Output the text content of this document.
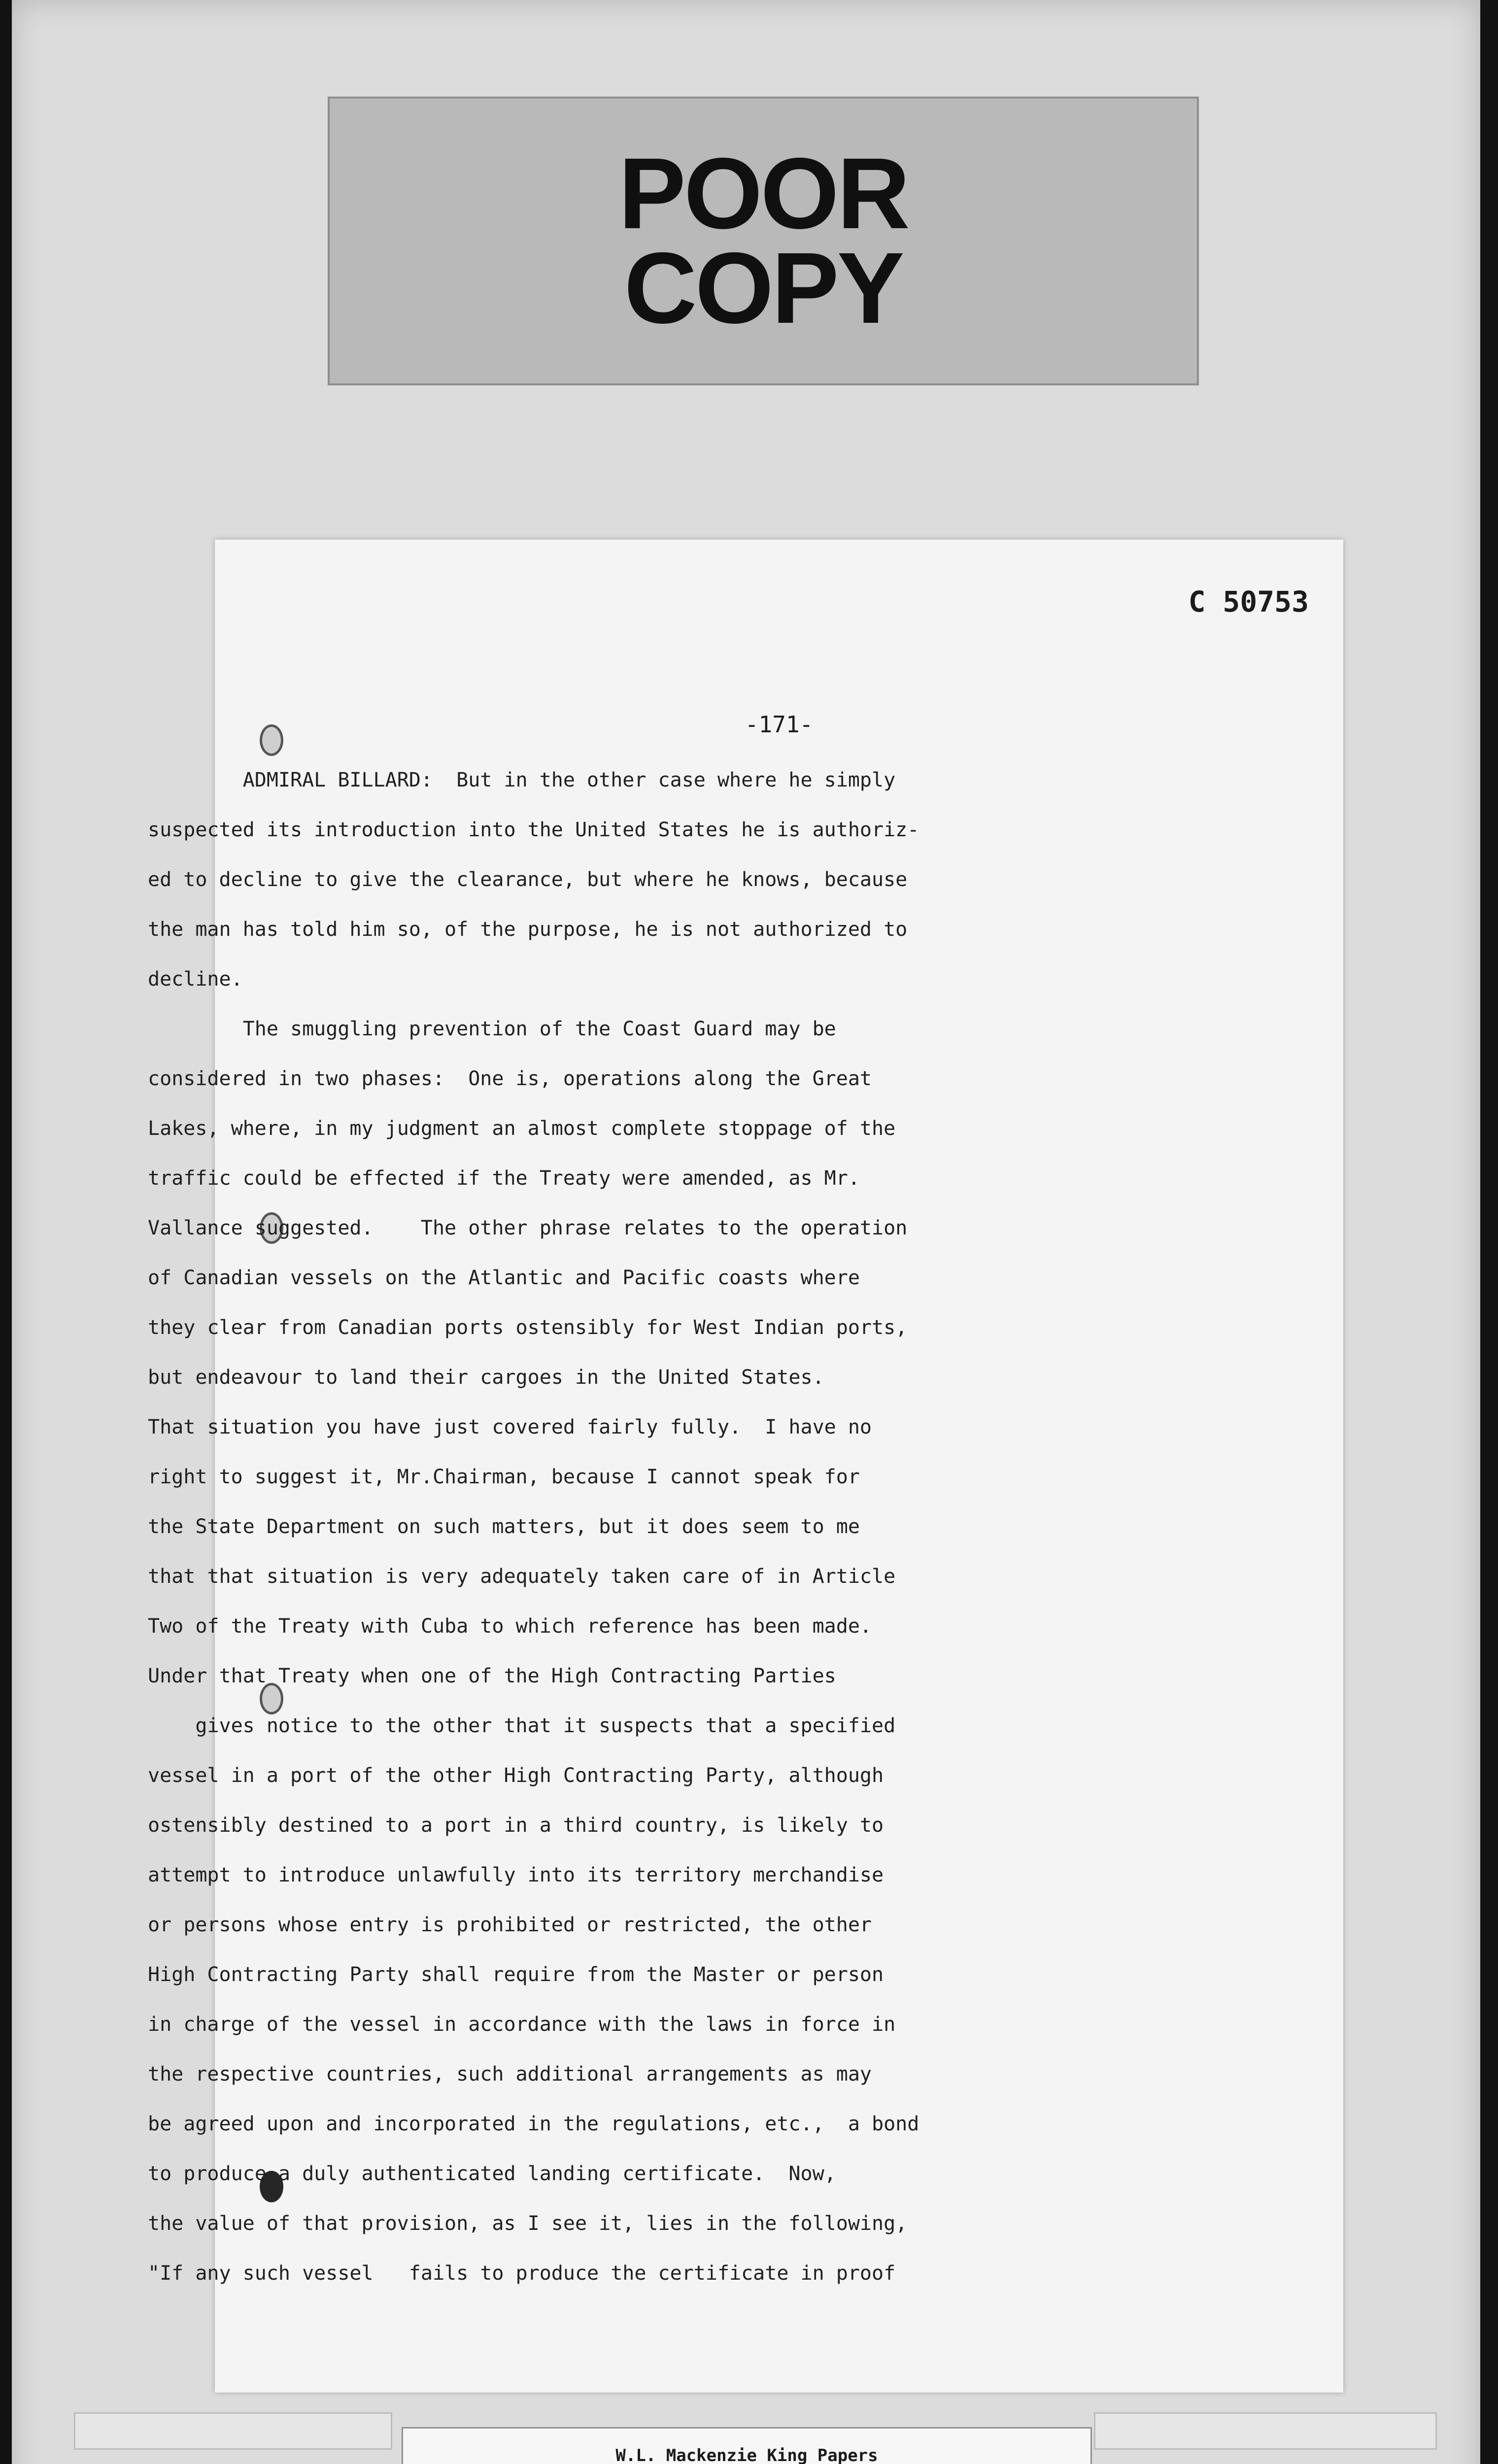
POOR
COPY
C 50753
-171-
ADMIRAL BILLARD:  But in the other case where he simply
suspected its introduction into the United States he is authoriz-
ed to decline to give the clearance, but where he knows, because
the man has told him so, of the purpose, he is not authorized to
decline.
The smuggling prevention of the Coast Guard may be
considered in two phases:  One is, operations along the Great
Lakes, where, in my judgment an almost complete stoppage of the
traffic could be effected if the Treaty were amended, as Mr.
Vallance suggested.    The other phrase relates to the operation
of Canadian vessels on the Atlantic and Pacific coasts where
they clear from Canadian ports ostensibly for West Indian ports,
but endeavour to land their cargoes in the United States.
That situation you have just covered fairly fully.  I have no
right to suggest it, Mr.Chairman, because I cannot speak for
the State Department on such matters, but it does seem to me
that that situation is very adequately taken care of in Article
Two of the Treaty with Cuba to which reference has been made.
Under that Treaty when one of the High Contracting Parties
gives notice to the other that it suspects that a specified
vessel in a port of the other High Contracting Party, although
ostensibly destined to a port in a third country, is likely to
attempt to introduce unlawfully into its territory merchandise
or persons whose entry is prohibited or restricted, the other
High Contracting Party shall require from the Master or person
in charge of the vessel in accordance with the laws in force in
the respective countries, such additional arrangements as may
be agreed upon and incorporated in the regulations, etc.,  a bond
to produce a duly authenticated landing certificate.  Now,
the value of that provision, as I see it, lies in the following,
"If any such vessel   fails to produce the certificate in proof
W.L. Mackenzie King Papers
